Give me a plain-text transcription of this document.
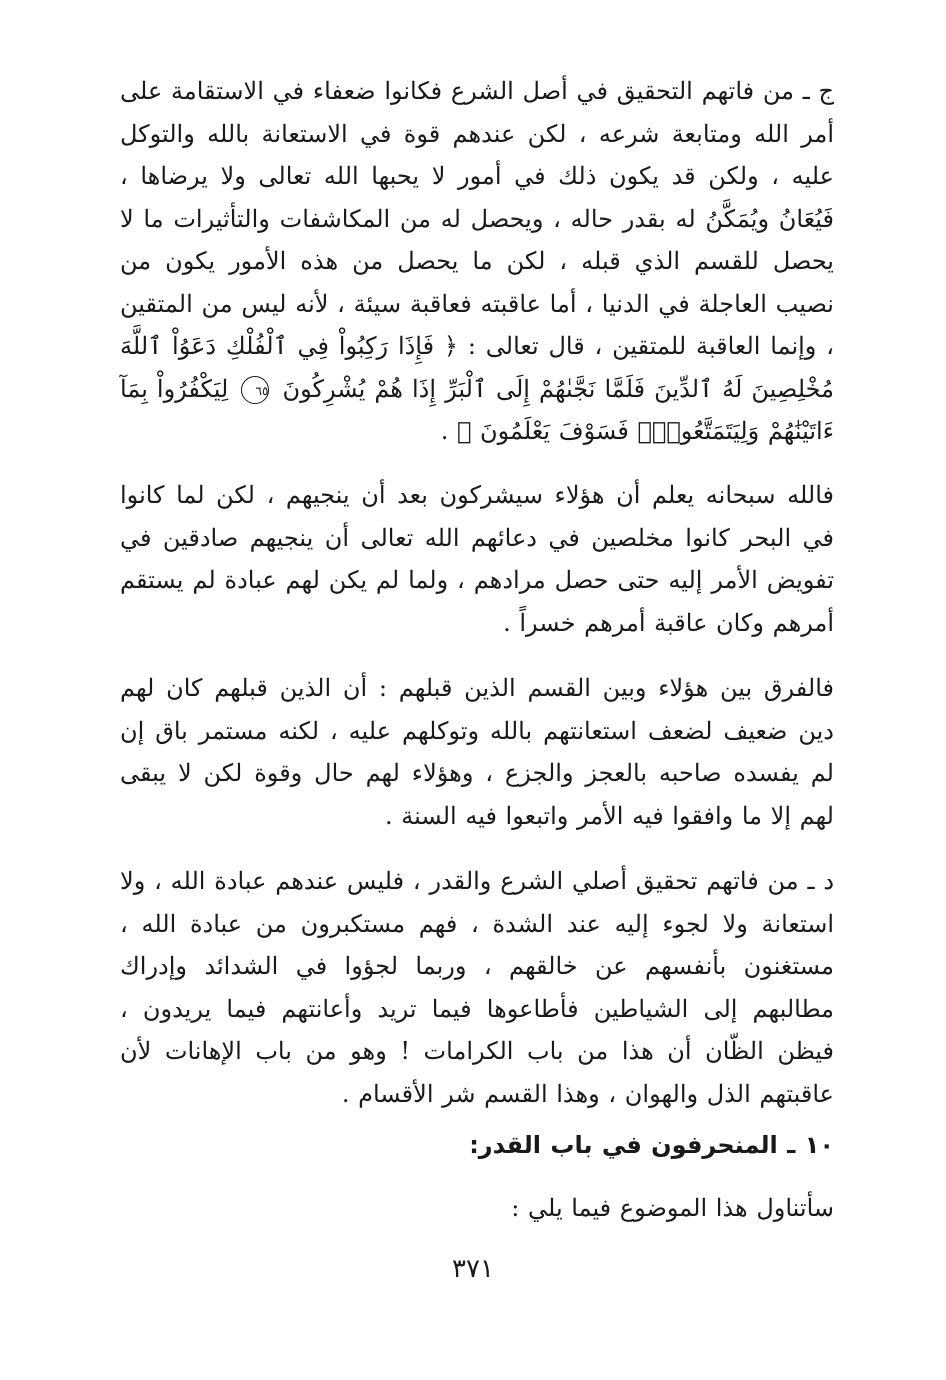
ج ـ من فاتهم التحقيق في أصل الشرع فكانوا ضعفاء في الاستقامة على أمر الله ومتابعة شرعه ، لكن عندهم قوة في الاستعانة بالله والتوكل عليه ، ولكن قد يكون ذلك في أمور لا يحبها الله تعالى ولا يرضاها ، فَيُعَانُ ويُمَكَّنُ له بقدر حاله ، ويحصل له من المكاشفات والتأثيرات ما لا يحصل للقسم الذي قبله ، لكن ما يحصل من هذه الأمور يكون من نصيب العاجلة في الدنيا ، أما عاقبته فعاقبة سيئة ، لأنه ليس من المتقين ، وإنما العاقبة للمتقين ، قال تعالى : ﴿ فَإِذَا رَكِبُواْ فِي ٱلْفُلْكِ دَعَوُاْ ٱللَّهَ مُخْلِصِينَ لَهُ ٱلدِّينَ فَلَمَّا نَجَّىٰهُمْ إِلَى ٱلْبَرِّ إِذَا هُمْ يُشْرِكُونَ ٦٥ لِيَكْفُرُواْ بِمَآ ءَاتَيْنَٰهُمْ وَلِيَتَمَتَّعُواْۖ فَسَوْفَ يَعْلَمُونَ ﴾ .

فالله سبحانه يعلم أن هؤلاء سيشركون بعد أن ينجيهم ، لكن لما كانوا في البحر كانوا مخلصين في دعائهم الله تعالى أن ينجيهم صادقين في تفويض الأمر إليه حتى حصل مرادهم ، ولما لم يكن لهم عبادة لم يستقم أمرهم وكان عاقبة أمرهم خسراً .

فالفرق بين هؤلاء وبين القسم الذين قبلهم : أن الذين قبلهم كان لهم دين ضعيف لضعف استعانتهم بالله وتوكلهم عليه ، لكنه مستمر باق إن لم يفسده صاحبه بالعجز والجزع ، وهؤلاء لهم حال وقوة لكن لا يبقى لهم إلا ما وافقوا فيه الأمر واتبعوا فيه السنة .

د ـ من فاتهم تحقيق أصلي الشرع والقدر ، فليس عندهم عبادة الله ، ولا استعانة ولا لجوء إليه عند الشدة ، فهم مستكبرون من عبادة الله ، مستغنون بأنفسهم عن خالقهم ، وربما لجؤوا في الشدائد وإدراك مطالبهم إلى الشياطين فأطاعوها فيما تريد وأعانتهم فيما يريدون ، فيظن الظّان أن هذا من باب الكرامات ! وهو من باب الإهانات لأن عاقبتهم الذل والهوان ، وهذا القسم شر الأقسام .

١٠ ـ المنحرفون في باب القدر:

سأتناول هذا الموضوع فيما يلي :

٣٧١
